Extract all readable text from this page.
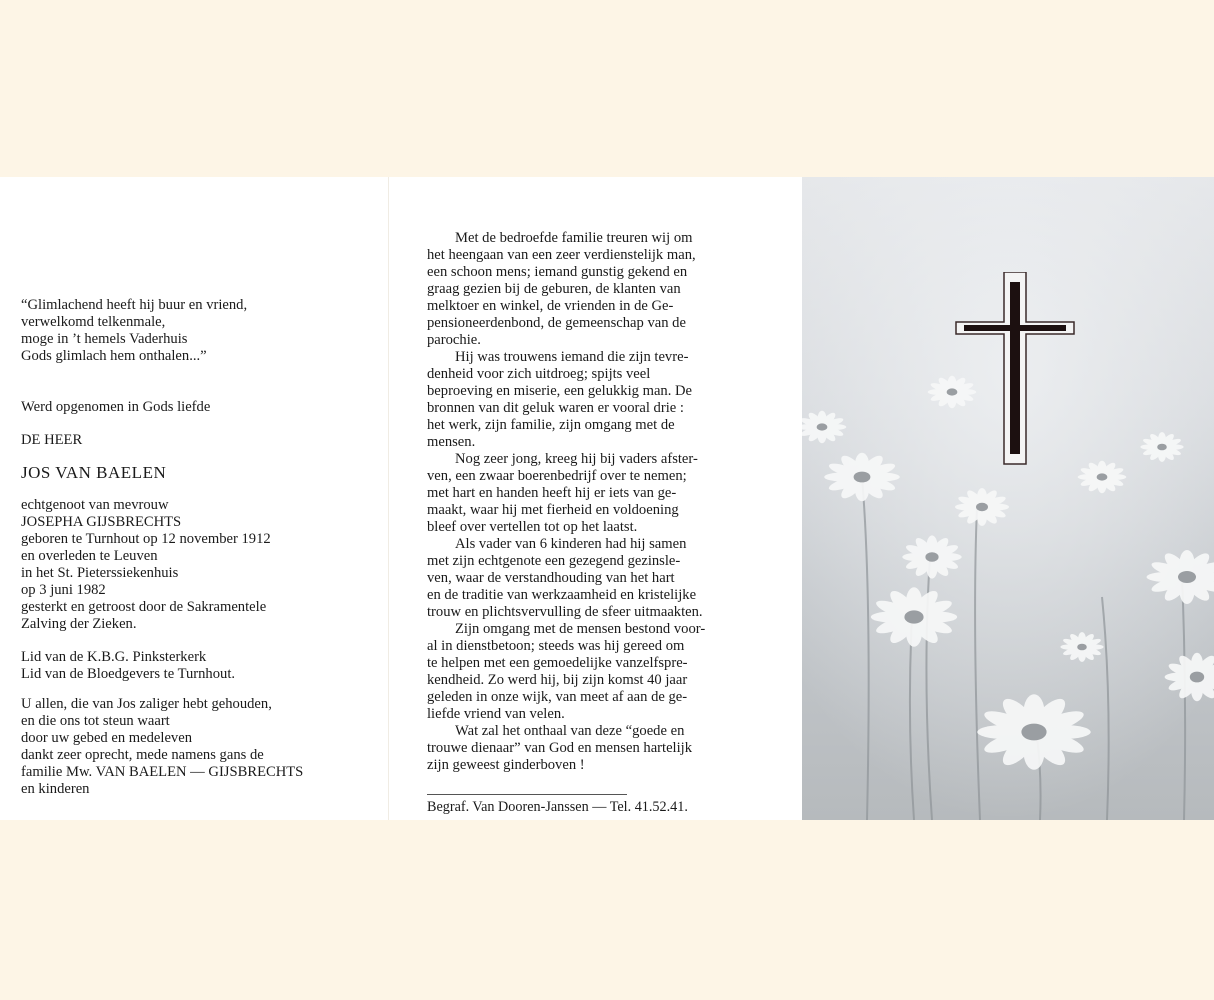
“Glimlachend heeft hij buur en vriend,
verwelkomd telkenmale,
moge in ’t hemels Vaderhuis
Gods glimlach hem onthalen...”
Werd opgenomen in Gods liefde
DE HEER
JOS VAN BAELEN
echtgenoot van mevrouw
JOSEPHA GIJSBRECHTS
geboren te Turnhout op 12 november 1912
en overleden te Leuven
in het St. Pieterssiekenhuis
op 3 juni 1982
gesterkt en getroost door de Sakramentele
Zalving der Zieken.
Lid van de K.B.G. Pinksterkerk
Lid van de Bloedgevers te Turnhout.
U allen, die van Jos zaliger hebt gehouden,
en die ons tot steun waart
door uw gebed en medeleven
dankt zeer oprecht, mede namens gans de
familie Mw. VAN BAELEN — GIJSBRECHTS
en kinderen
Met de bedroefde familie treuren wij om
het heengaan van een zeer verdienstelijk man,
een schoon mens; iemand gunstig gekend en
graag gezien bij de geburen, de klanten van
melktoer en winkel, de vrienden in de Ge-
pensioneerdenbond, de gemeenschap van de
parochie.
Hij was trouwens iemand die zijn tevre-
denheid voor zich uitdroeg; spijts veel
beproeving en miserie, een gelukkig man. De
bronnen van dit geluk waren er vooral drie :
het werk, zijn familie, zijn omgang met de
mensen.
Nog zeer jong, kreeg hij bij vaders afster-
ven, een zwaar boerenbedrijf over te nemen;
met hart en handen heeft hij er iets van ge-
maakt, waar hij met fierheid en voldoening
bleef over vertellen tot op het laatst.
Als vader van 6 kinderen had hij samen
met zijn echtgenote een gezegend gezinsle-
ven, waar de verstandhouding van het hart
en de traditie van werkzaamheid en kristelijke
trouw en plichtsvervulling de sfeer uitmaakten.
Zijn omgang met de mensen bestond voor-
al in dienstbetoon; steeds was hij gereed om
te helpen met een gemoedelijke vanzelfspre-
kendheid. Zo werd hij, bij zijn komst 40 jaar
geleden in onze wijk, van meet af aan de ge-
liefde vriend van velen.
Wat zal het onthaal van deze “goede en
trouwe dienaar” van God en mensen hartelijk
zijn geweest ginderboven !
Begraf. Van Dooren-Janssen — Tel. 41.52.41.
